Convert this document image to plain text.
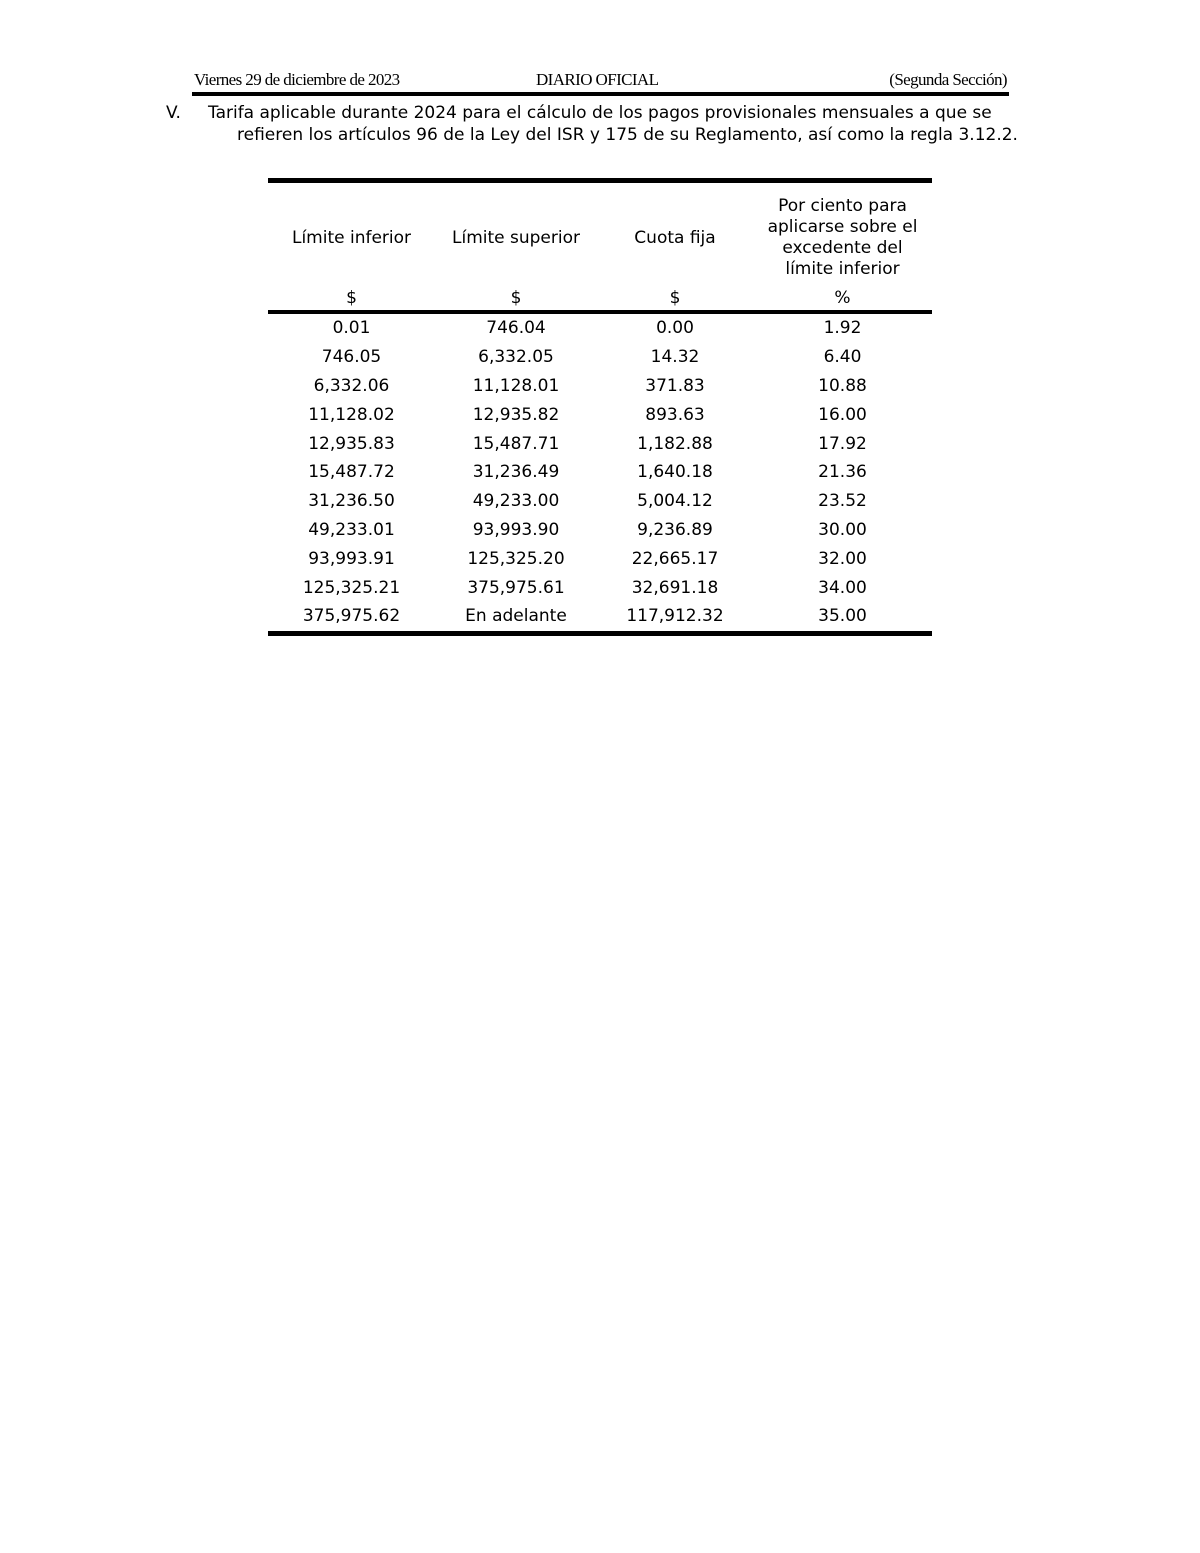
Viernes 29 de diciembre de 2023	DIARIO OFICIAL	(Segunda Sección)
V. Tarifa aplicable durante 2024 para el cálculo de los pagos provisionales mensuales a que se refieren los artículos 96 de la Ley del ISR y 175 de su Reglamento, así como la regla 3.12.2.
Límite inferior	Límite superior	Cuota fija	Por ciento para aplicarse sobre el excedente del límite inferior
$	$	$	%
0.01	746.04	0.00	1.92
746.05	6,332.05	14.32	6.40
6,332.06	11,128.01	371.83	10.88
11,128.02	12,935.82	893.63	16.00
12,935.83	15,487.71	1,182.88	17.92
15,487.72	31,236.49	1,640.18	21.36
31,236.50	49,233.00	5,004.12	23.52
49,233.01	93,993.90	9,236.89	30.00
93,993.91	125,325.20	22,665.17	32.00
125,325.21	375,975.61	32,691.18	34.00
375,975.62	En adelante	117,912.32	35.00
